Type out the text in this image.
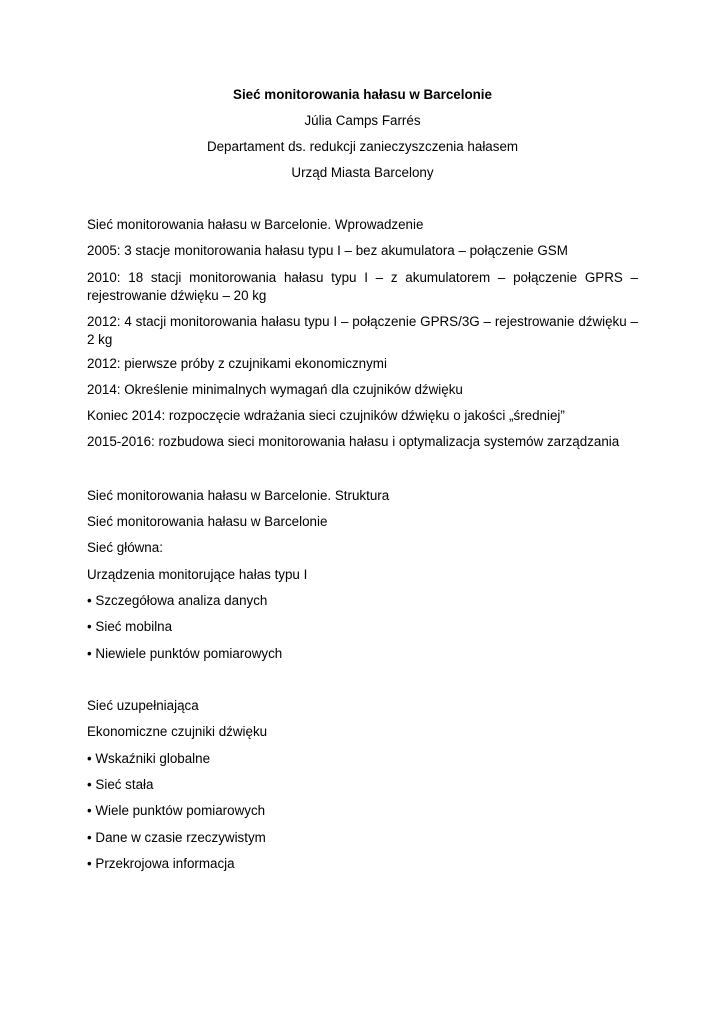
Sieć monitorowania hałasu w Barcelonie
Júlia Camps Farrés
Departament ds. redukcji zanieczyszczenia hałasem
Urząd Miasta Barcelony
Sieć monitorowania hałasu w Barcelonie. Wprowadzenie
2005: 3 stacje monitorowania hałasu typu I – bez akumulatora – połączenie GSM
2010: 18 stacji monitorowania hałasu typu I – z akumulatorem – połączenie GPRS – rejestrowanie dźwięku – 20 kg
2012: 4 stacji monitorowania hałasu typu I – połączenie GPRS/3G – rejestrowanie dźwięku – 2 kg
2012: pierwsze próby z czujnikami ekonomicznymi
2014: Określenie minimalnych wymagań dla czujników dźwięku
Koniec 2014: rozpoczęcie wdrażania sieci czujników dźwięku o jakości „średniej”
2015-2016: rozbudowa sieci monitorowania hałasu i optymalizacja systemów zarządzania
Sieć monitorowania hałasu w Barcelonie. Struktura
Sieć monitorowania hałasu w Barcelonie
Sieć główna:
Urządzenia monitorujące hałas typu I
• Szczegółowa analiza danych
• Sieć mobilna
• Niewiele punktów pomiarowych
Sieć uzupełniająca
Ekonomiczne czujniki dźwięku
• Wskaźniki globalne
• Sieć stała
• Wiele punktów pomiarowych
• Dane w czasie rzeczywistym
• Przekrojowa informacja
